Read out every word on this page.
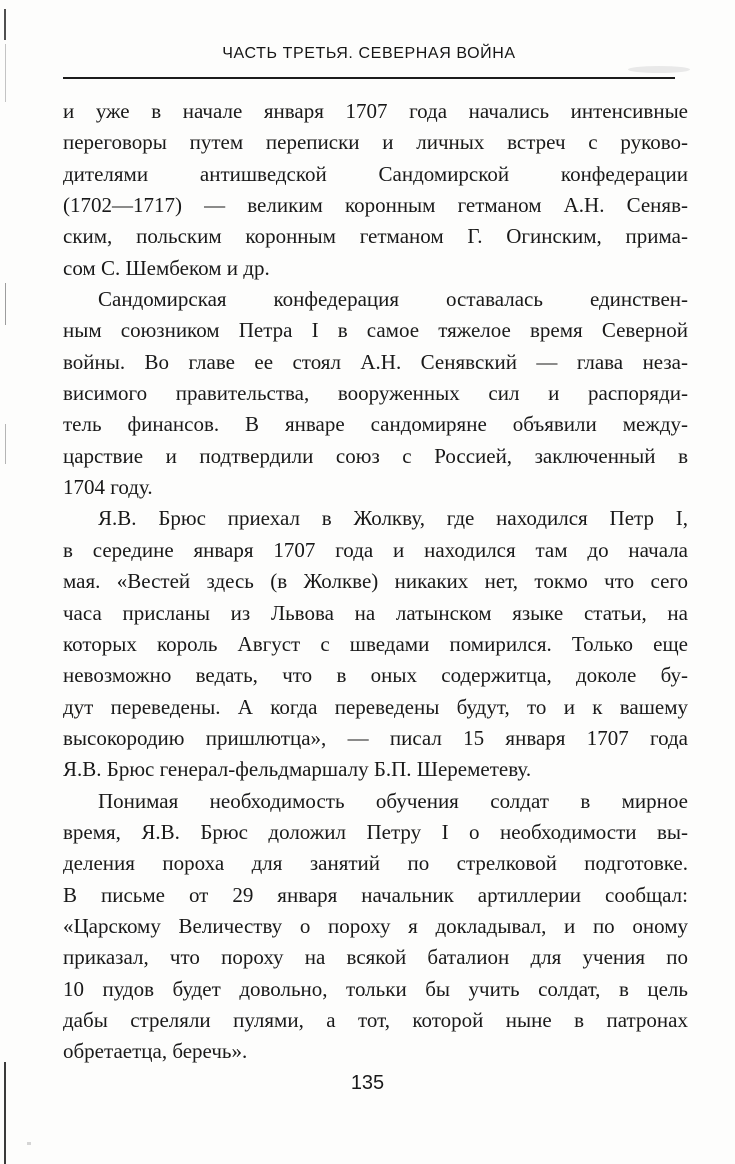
ЧАСТЬ ТРЕТЬЯ. СЕВЕРНАЯ ВОЙНА
и уже в начале января 1707 года начались интенсивные
переговоры путем переписки и личных встреч с руково-
дителями антишведской Сандомирской конфедерации
(1702—1717) — великим коронным гетманом А.Н. Сеняв-
ским, польским коронным гетманом Г. Огинским, прима-
сом С. Шембеком и др.
Сандомирская конфедерация оставалась единствен-
ным союзником Петра I в самое тяжелое время Северной
войны. Во главе ее стоял А.Н. Сенявский — глава неза-
висимого правительства, вооруженных сил и распоряди-
тель финансов. В январе сандомиряне объявили между-
царствие и подтвердили союз с Россией, заключенный в
1704 году.
Я.В. Брюс приехал в Жолкву, где находился Петр I,
в середине января 1707 года и находился там до начала
мая. «Вестей здесь (в Жолкве) никаких нет, токмо что сего
часа присланы из Львова на латынском языке статьи, на
которых король Август с шведами помирился. Только еще
невозможно ведать, что в оных содержитца, доколе бу-
дут переведены. А когда переведены будут, то и к вашему
высокородию пришлютца», — писал 15 января 1707 года
Я.В. Брюс генерал-фельдмаршалу Б.П. Шереметеву.
Понимая необходимость обучения солдат в мирное
время, Я.В. Брюс доложил Петру I о необходимости вы-
деления пороха для занятий по стрелковой подготовке.
В письме от 29 января начальник артиллерии сообщал:
«Царскому Величеству о пороху я докладывал, и по оному
приказал, что пороху на всякой баталион для учения по
10 пудов будет довольно, тольки бы учить солдат, в цель
дабы стреляли пулями, а тот, которой ныне в патронах
обретаетца, беречь».
135
